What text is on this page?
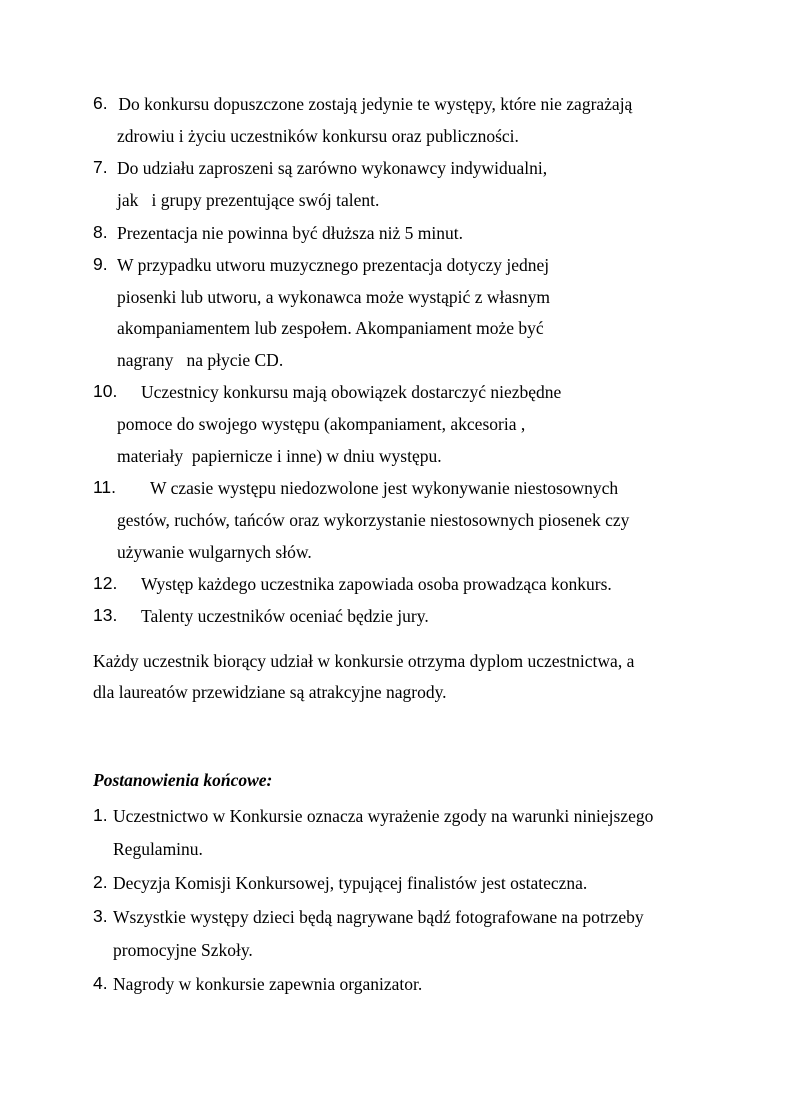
6. Do konkursu dopuszczone zostają jedynie te występy, które nie zagrażają
zdrowiu i życiu uczestników konkursu oraz publiczności.
7. Do udziału zaproszeni są zarówno wykonawcy indywidualni,
jak   i grupy prezentujące swój talent.
8. Prezentacja nie powinna być dłuższa niż 5 minut.
9. W przypadku utworu muzycznego prezentacja dotyczy jednej
piosenki lub utworu, a wykonawca może wystąpić z własnym
akompaniamentem lub zespołem. Akompaniament może być
nagrany   na płycie CD.
10. Uczestnicy konkursu mają obowiązek dostarczyć niezbędne
pomoce do swojego występu (akompaniament, akcesoria ,
materiały  papiernicze i inne) w dniu występu.
11. W czasie występu niedozwolone jest wykonywanie niestosownych
gestów, ruchów, tańców oraz wykorzystanie niestosownych piosenek czy
używanie wulgarnych słów.
12. Występ każdego uczestnika zapowiada osoba prowadząca konkurs.
13. Talenty uczestników oceniać będzie jury.
Każdy uczestnik biorący udział w konkursie otrzyma dyplom uczestnictwa, a
dla laureatów przewidziane są atrakcyjne nagrody.
Postanowienia końcowe:
1. Uczestnictwo w Konkursie oznacza wyrażenie zgody na warunki niniejszego
Regulaminu.
2. Decyzja Komisji Konkursowej, typującej finalistów jest ostateczna.
3. Wszystkie występy dzieci będą nagrywane bądź fotografowane na potrzeby
promocyjne Szkoły.
4. Nagrody w konkursie zapewnia organizator.
